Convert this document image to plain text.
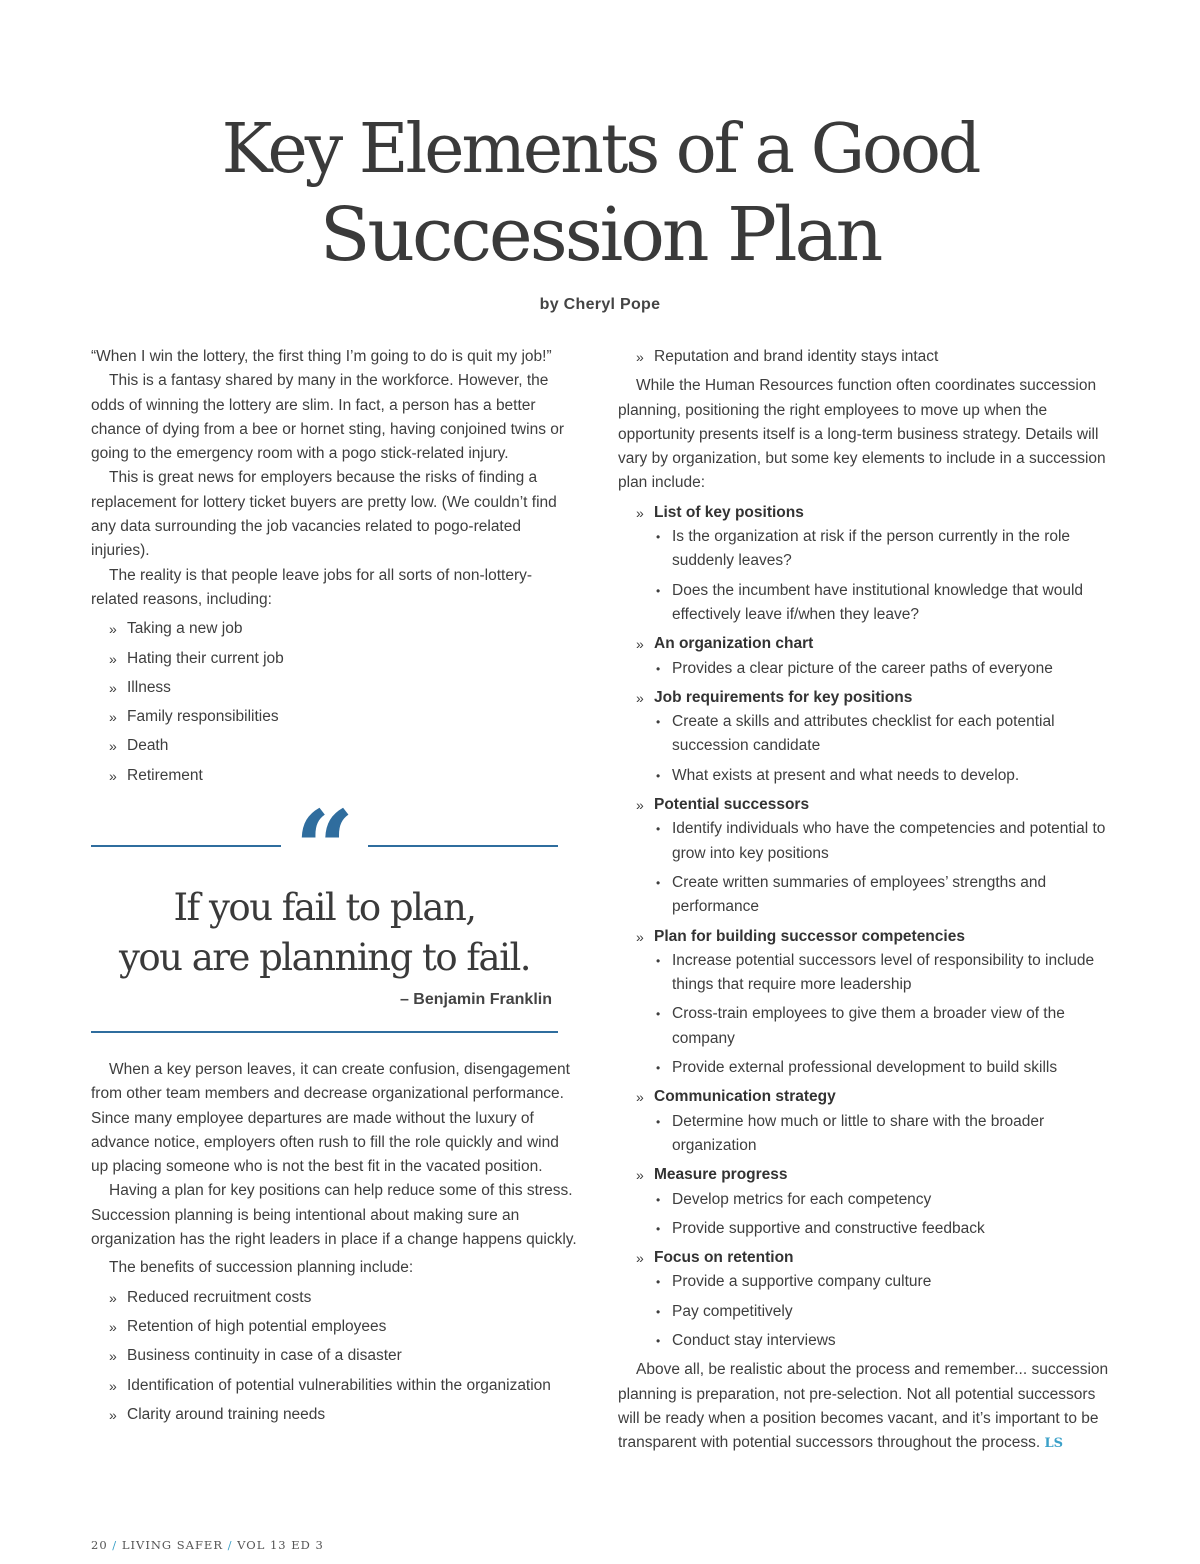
Key Elements of a Good
Succession Plan
by Cheryl Pope

“When I win the lottery, the first thing I’m going to do is quit my job!”

This is a fantasy shared by many in the workforce. However, the odds of winning the lottery are slim. In fact, a person has a better chance of dying from a bee or hornet sting, having conjoined twins or going to the emergency room with a pogo stick-related injury.

This is great news for employers because the risks of finding a replacement for lottery ticket buyers are pretty low. (We couldn’t find any data surrounding the job vacancies related to pogo-related injuries).

The reality is that people leave jobs for all sorts of non-lottery-related reasons, including:

» Taking a new job
» Hating their current job
» Illness
» Family responsibilities
» Death
» Retirement
“
If you fail to plan,
you are planning to fail.
– Benjamin Franklin

When a key person leaves, it can create confusion, disengagement from other team members and decrease organizational performance. Since many employee departures are made without the luxury of advance notice, employers often rush to fill the role quickly and wind up placing someone who is not the best fit in the vacated position.

Having a plan for key positions can help reduce some of this stress. Succession planning is being intentional about making sure an organization has the right leaders in place if a change happens quickly.

The benefits of succession planning include:

» Reduced recruitment costs
» Retention of high potential employees
» Business continuity in case of a disaster
» Identification of potential vulnerabilities within the organization
» Clarity around training needs
» Reputation and brand identity stays intact

While the Human Resources function often coordinates succession planning, positioning the right employees to move up when the opportunity presents itself is a long-term business strategy. Details will vary by organization, but some key elements to include in a succession plan include:

» List of key positions
• Is the organization at risk if the person currently in the role suddenly leaves?
• Does the incumbent have institutional knowledge that would effectively leave if/when they leave?
» An organization chart
• Provides a clear picture of the career paths of everyone
» Job requirements for key positions
• Create a skills and attributes checklist for each potential succession candidate
• What exists at present and what needs to develop.
» Potential successors
• Identify individuals who have the competencies and potential to grow into key positions
• Create written summaries of employees’ strengths and performance
» Plan for building successor competencies
• Increase potential successors level of responsibility to include things that require more leadership
• Cross-train employees to give them a broader view of the company
• Provide external professional development to build skills
» Communication strategy
• Determine how much or little to share with the broader organization
» Measure progress
• Develop metrics for each competency
• Provide supportive and constructive feedback
» Focus on retention
• Provide a supportive company culture
• Pay competitively
• Conduct stay interviews

Above all, be realistic about the process and remember... succession planning is preparation, not pre-selection. Not all potential successors will be ready when a position becomes vacant, and it’s important to be transparent with potential successors throughout the process. LS

20 / LIVING SAFER / VOL 13 ED 3
